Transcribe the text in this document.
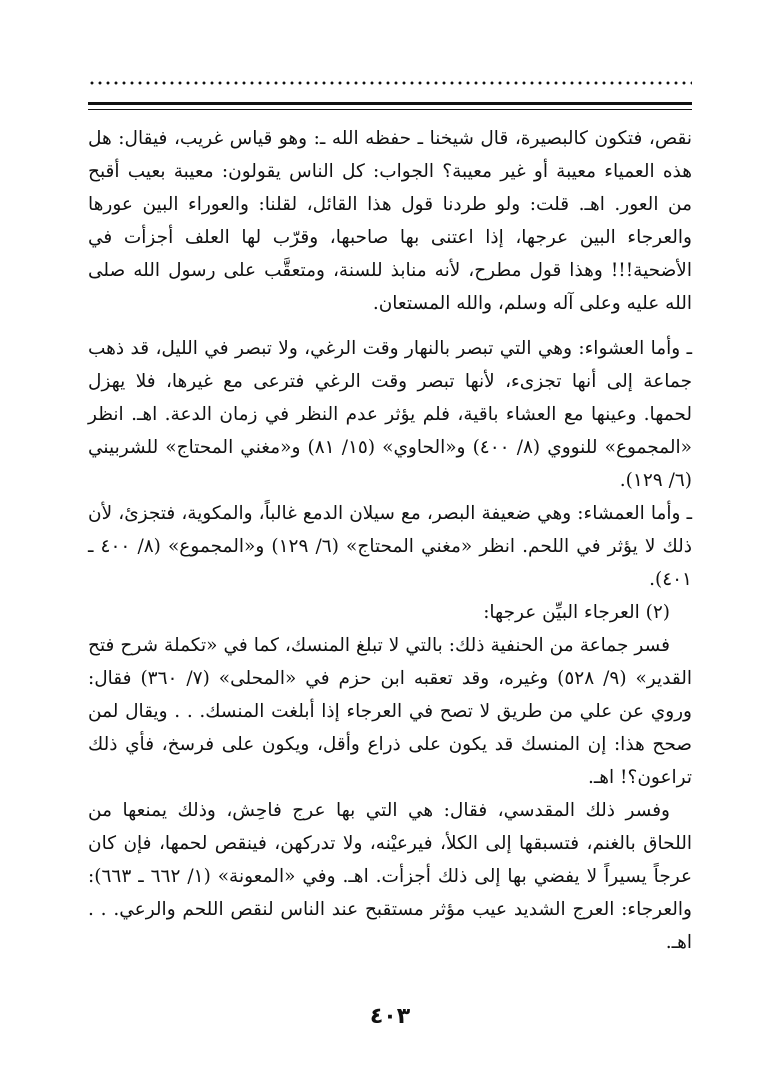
نقص، فتكون كالبصيرة، قال شيخنا ـ حفظه الله ـ: وهو قياس غريب، فيقال: هل هذه العمياء معيبة أو غير معيبة؟ الجواب: كل الناس يقولون: معيبة بعيب أقبح من العور. اهـ. قلت: ولو طردنا قول هذا القائل، لقلنا: والعوراء البين عورها والعرجاء البين عرجها، إذا اعتنى بها صاحبها، وقرّب لها العلف أجزأت في الأضحية!!! وهذا قول مطرح، لأنه منابذ للسنة، ومتعقَّب على رسول الله صلى الله عليه وعلى آله وسلم، والله المستعان.

ـ وأما العشواء: وهي التي تبصر بالنهار وقت الرغي، ولا تبصر في الليل، قد ذهب جماعة إلى أنها تجزىء، لأنها تبصر وقت الرغي فترعى مع غيرها، فلا يهزل لحمها. وعينها مع العشاء باقية، فلم يؤثر عدم النظر في زمان الدعة. اهـ. انظر «المجموع» للنووي (٨/ ٤٠٠) و«الحاوي» (١٥/ ٨١) و«مغني المحتاج» للشربيني (٦/ ١٢٩).

ـ وأما العمشاء: وهي ضعيفة البصر، مع سيلان الدمع غالباً، والمكوية، فتجزئ، لأن ذلك لا يؤثر في اللحم. انظر «مغني المحتاج» (٦/ ١٢٩) و«المجموع» (٨/ ٤٠٠ ـ ٤٠١).

(٢) العرجاء البيِّن عرجها:

فسر جماعة من الحنفية ذلك: بالتي لا تبلغ المنسك، كما في «تكملة شرح فتح القدير» (٩/ ٥٢٨) وغيره، وقد تعقبه ابن حزم في «المحلى» (٧/ ٣٦٠) فقال: وروي عن علي من طريق لا تصح في العرجاء إذا أبلغت المنسك. . . ويقال لمن صحح هذا: إن المنسك قد يكون على ذراع وأقل، ويكون على فرسخ، فأي ذلك تراعون؟! اهـ.

وفسر ذلك المقدسي، فقال: هي التي بها عرج فاحِش، وذلك يمنعها من اللحاق بالغنم، فتسبقها إلى الكلأ، فيرعيْنه، ولا تدركهن، فينقص لحمها، فإن كان عرجاً يسيراً لا يفضي بها إلى ذلك أجزأت. اهـ. وفي «المعونة» (١/ ٦٦٢ ـ ٦٦٣): والعرجاء: العرج الشديد عيب مؤثر مستقبح عند الناس لنقص اللحم والرعي. . . اهـ.

٤٠٣
